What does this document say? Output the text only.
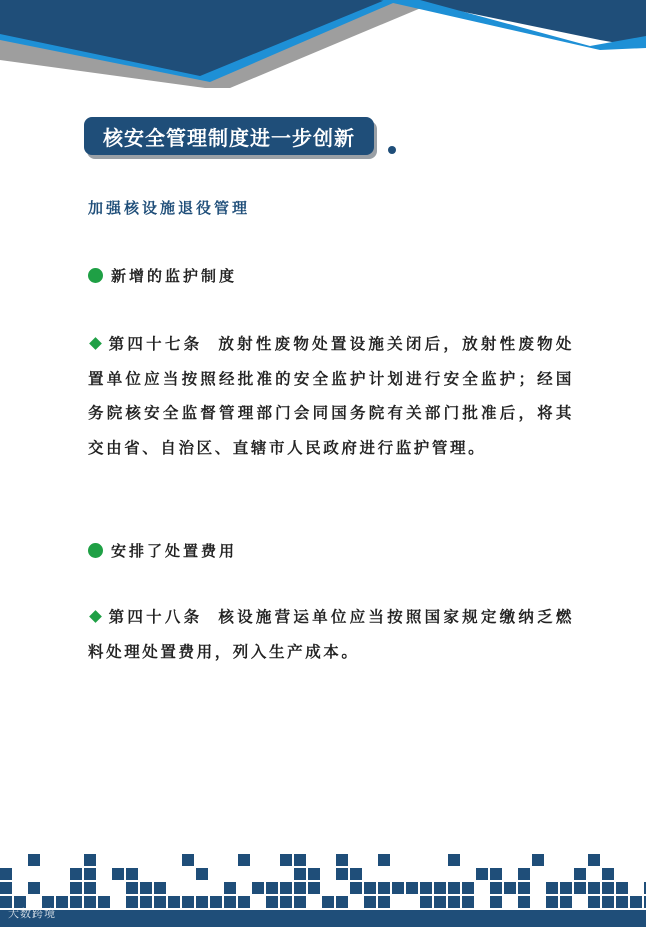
核安全管理制度进一步创新
加强核设施退役管理
新增的监护制度

第四十七条 放射性废物处置设施关闭后，放射性废物处置单位应当按照经批准的安全监护计划进行安全监护；经国务院核安全监督管理部门会同国务院有关部门批准后，将其交由省、自治区、直辖市人民政府进行监护管理。

安排了处置费用

第四十八条 核设施营运单位应当按照国家规定缴纳乏燃料处理处置费用，列入生产成本。

大数跨境
